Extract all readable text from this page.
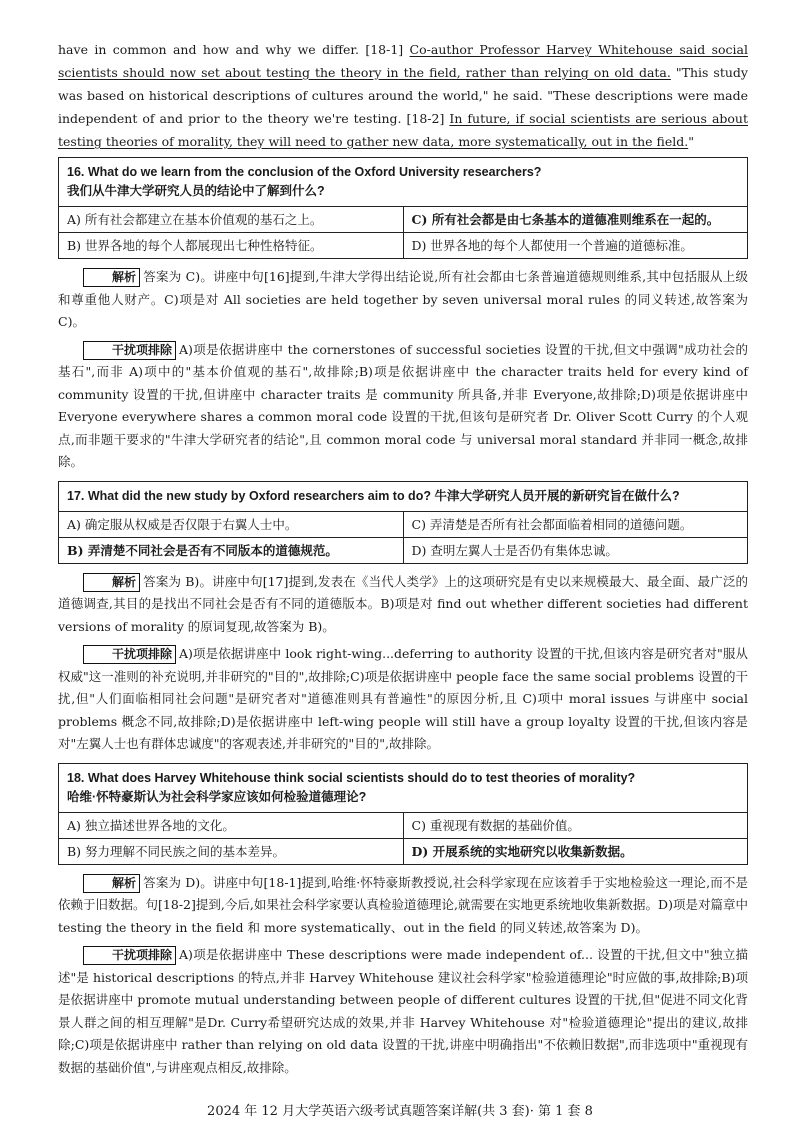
have in common and how and why we differ. [18-1] Co-author Professor Harvey Whitehouse said social scientists should now set about testing the theory in the field, rather than relying on old data. "This study was based on historical descriptions of cultures around the world," he said. "These descriptions were made independent of and prior to the theory we're testing. [18-2] In future, if social scientists are serious about testing theories of morality, they will need to gather new data, more systematically, out in the field."

16. What do we learn from the conclusion of the Oxford University researchers?
我们从牛津大学研究人员的结论中了解到什么?	

A) 所有社会都建立在基本价值观的基石之上。	C) 所有社会都是由七条基本的道德准则维系在一起的。
B) 世界各地的每个人都展现出七种性格特征。	D) 世界各地的每个人都使用一个普遍的道德标准。

解析 答案为 C)。讲座中句[16]提到,牛津大学得出结论说,所有社会都由七条普遍道德规则维系,其中包括服从上级和尊重他人财产。C)项是对 All societies are held together by seven universal moral rules 的同义转述,故答案为 C)。

干扰项排除 A)项是依据讲座中 the cornerstones of successful societies 设置的干扰,但文中强调"成功社会的基石",而非 A)项中的"基本价值观的基石",故排除;B)项是依据讲座中 the character traits held for every kind of community 设置的干扰,但讲座中 character traits 是 community 所具备,并非 Everyone,故排除;D)项是依据讲座中 Everyone everywhere shares a common moral code 设置的干扰,但该句是研究者 Dr. Oliver Scott Curry 的个人观点,而非题干要求的"牛津大学研究者的结论",且 common moral code 与 universal moral standard 并非同一概念,故排除。

17. What did the new study by Oxford researchers aim to do? 牛津大学研究人员开展的新研究旨在做什么?	
A) 确定服从权威是否仅限于右翼人士中。	C) 弄清楚是否所有社会都面临着相同的道德问题。
B) 弄清楚不同社会是否有不同版本的道德规范。	D) 查明左翼人士是否仍有集体忠诚。

解析 答案为 B)。讲座中句[17]提到,发表在《当代人类学》上的这项研究是有史以来规模最大、最全面、最广泛的道德调查,其目的是找出不同社会是否有不同的道德版本。B)项是对 find out whether different societies had different versions of morality 的原词复现,故答案为 B)。

干扰项排除 A)项是依据讲座中 look right-wing...deferring to authority 设置的干扰,但该内容是研究者对"服从权威"这一准则的补充说明,并非研究的"目的",故排除;C)项是依据讲座中 people face the same social problems 设置的干扰,但"人们面临相同社会问题"是研究者对"道德准则具有普遍性"的原因分析,且 C)项中 moral issues 与讲座中 social problems 概念不同,故排除;D)是依据讲座中 left-wing people will still have a group loyalty 设置的干扰,但该内容是对"左翼人士也有群体忠诚度"的客观表述,并非研究的"目的",故排除。

18. What does Harvey Whitehouse think social scientists should do to test theories of morality?
哈维·怀特豪斯认为社会科学家应该如何检验道德理论?	

A) 独立描述世界各地的文化。	C) 重视现有数据的基础价值。
B) 努力理解不同民族之间的基本差异。	D) 开展系统的实地研究以收集新数据。

解析 答案为 D)。讲座中句[18-1]提到,哈维·怀特豪斯教授说,社会科学家现在应该着手于实地检验这一理论,而不是依赖于旧数据。句[18-2]提到,今后,如果社会科学家要认真检验道德理论,就需要在实地更系统地收集新数据。D)项是对篇章中 testing the theory in the field 和 more systematically、out in the field 的同义转述,故答案为 D)。

干扰项排除 A)项是依据讲座中 These descriptions were made independent of... 设置的干扰,但文中"独立描述"是 historical descriptions 的特点,并非 Harvey Whitehouse 建议社会科学家"检验道德理论"时应做的事,故排除;B)项是依据讲座中 promote mutual understanding between people of different cultures 设置的干扰,但"促进不同文化背景人群之间的相互理解"是Dr. Curry希望研究达成的效果,并非 Harvey Whitehouse 对"检验道德理论"提出的建议,故排除;C)项是依据讲座中 rather than relying on old data 设置的干扰,讲座中明确指出"不依赖旧数据",而非选项中"重视现有数据的基础价值",与讲座观点相反,故排除。

2024 年 12 月大学英语六级考试真题答案详解(共 3 套)· 第 1 套 8
